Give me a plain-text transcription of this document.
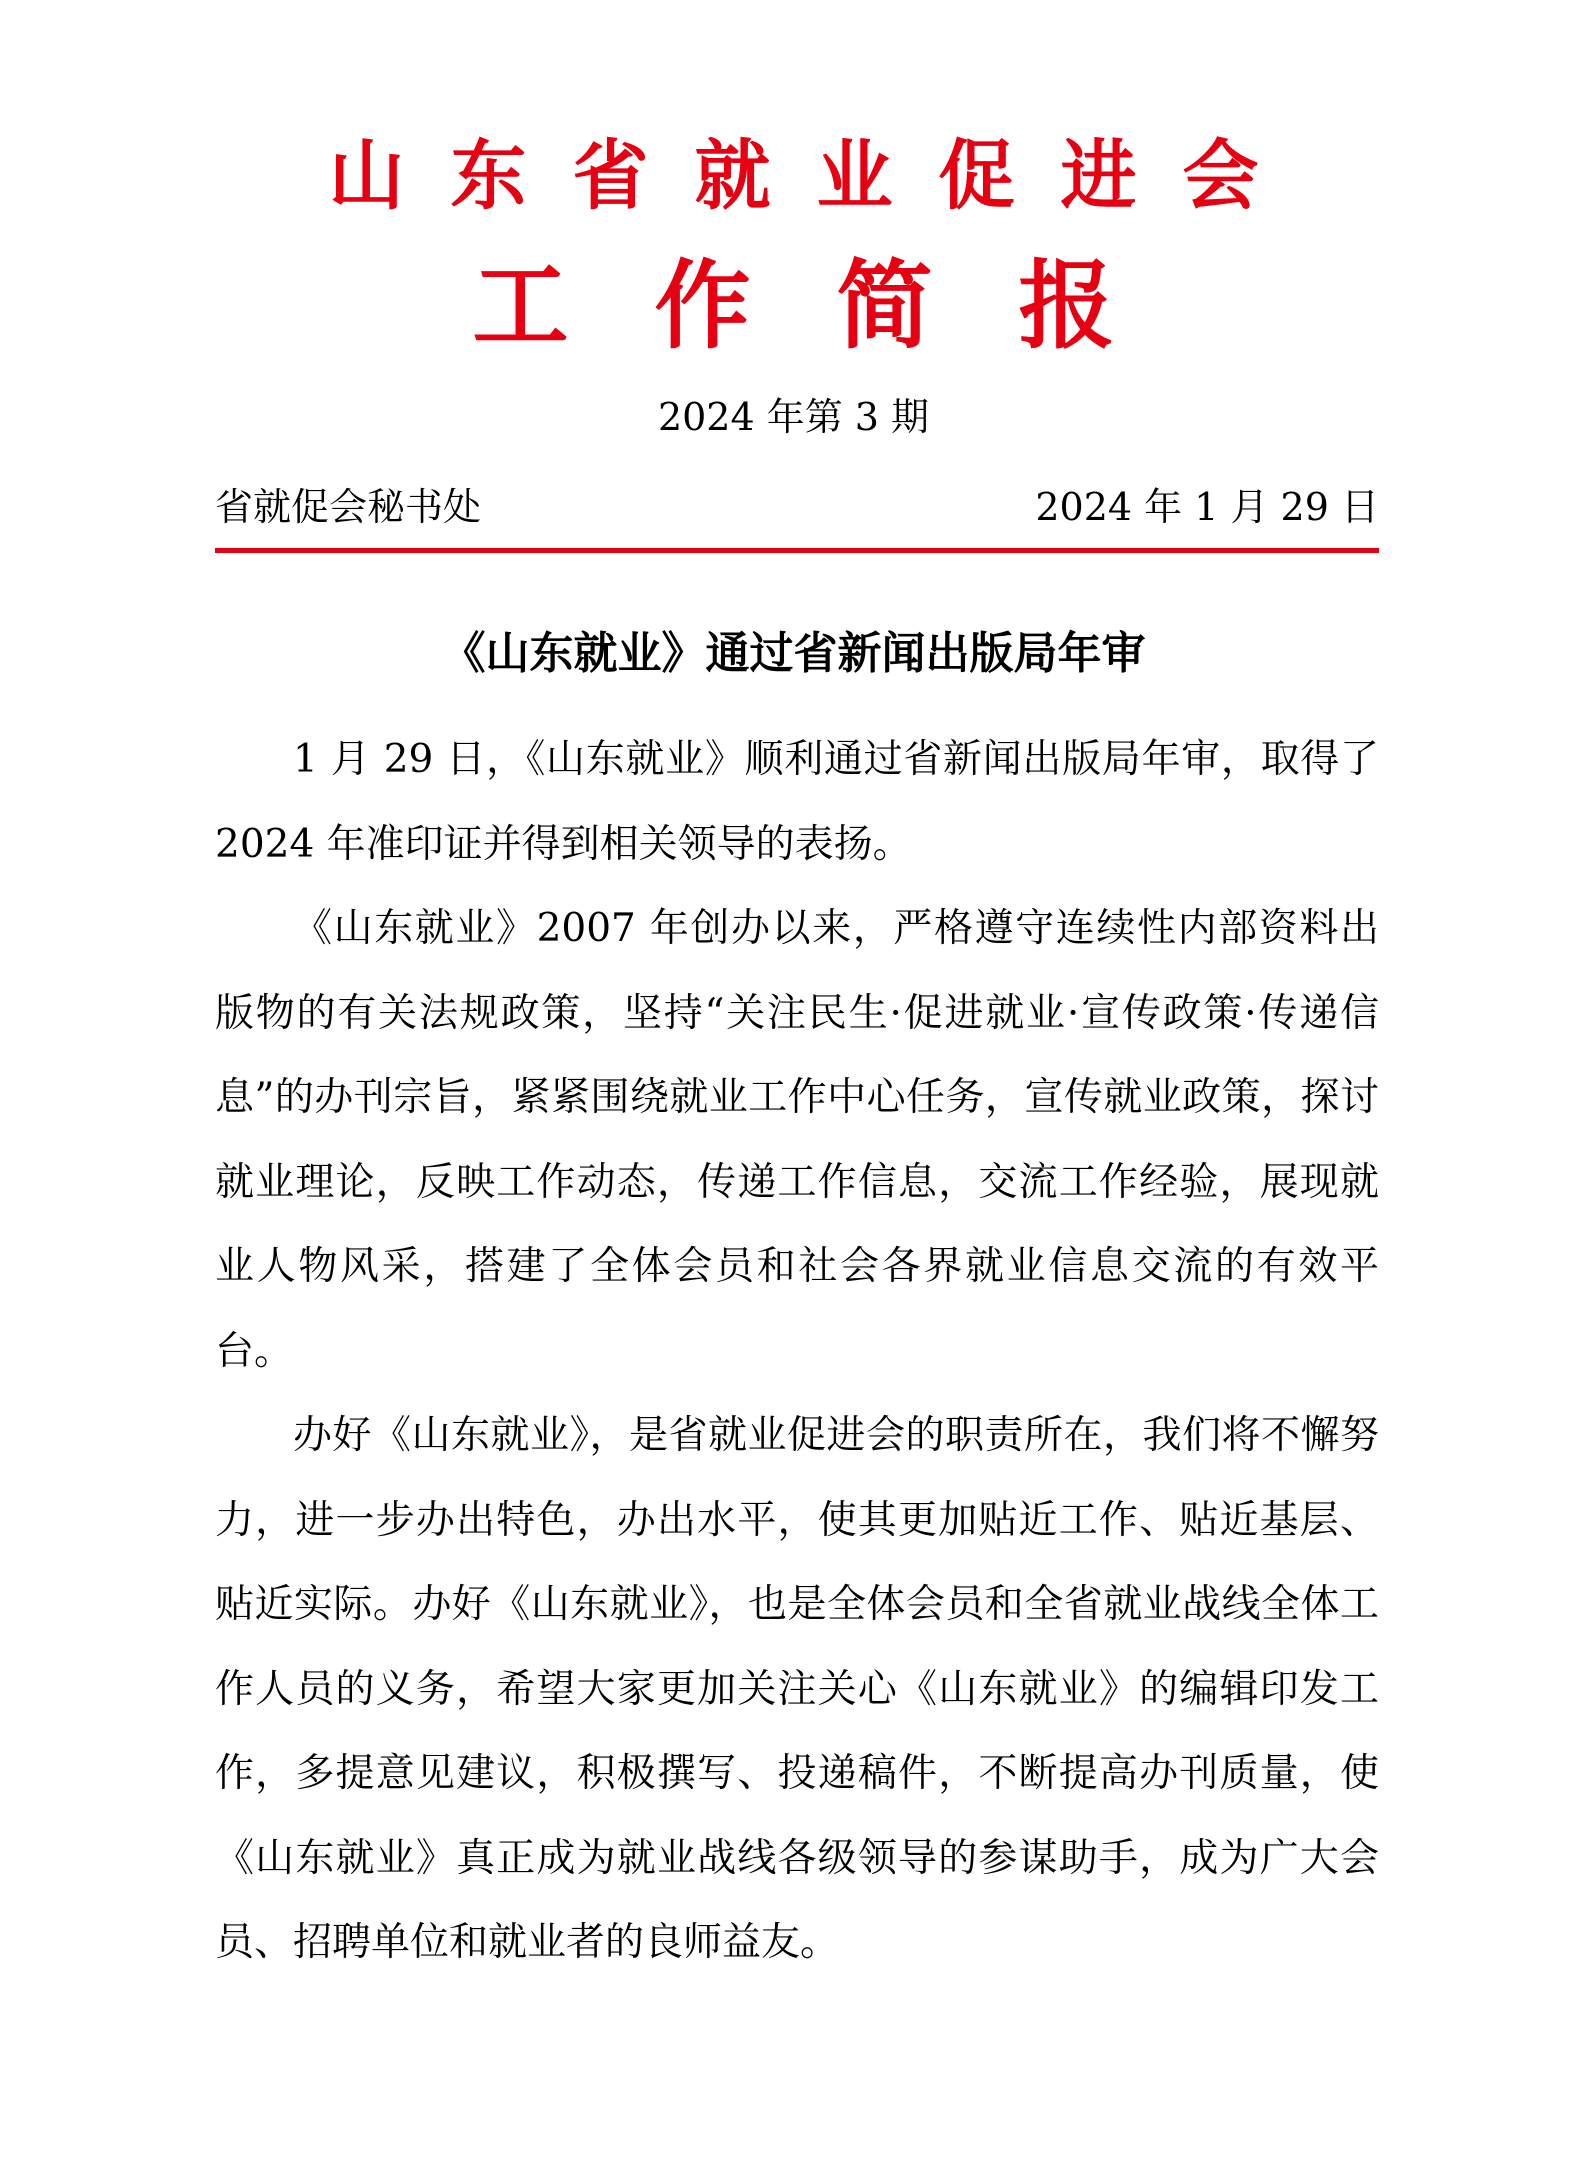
山东省就业促进会
工作简报
2024 年第 3 期
省就促会秘书处	2024 年 1 月 29 日
《山东就业》通过省新闻出版局年审

1 月 29 日，《山东就业》顺利通过省新闻出版局年审，取得了 2024 年准印证并得到相关领导的表扬。

《山东就业》2007 年创办以来，严格遵守连续性内部资料出版物的有关法规政策，坚持“关注民生·促进就业·宣传政策·传递信息”的办刊宗旨，紧紧围绕就业工作中心任务，宣传就业政策，探讨就业理论，反映工作动态，传递工作信息，交流工作经验，展现就业人物风采，搭建了全体会员和社会各界就业信息交流的有效平台。

办好《山东就业》，是省就业促进会的职责所在，我们将不懈努力，进一步办出特色，办出水平，使其更加贴近工作、贴近基层、贴近实际。办好《山东就业》，也是全体会员和全省就业战线全体工作人员的义务，希望大家更加关注关心《山东就业》的编辑印发工作，多提意见建议，积极撰写、投递稿件，不断提高办刊质量，使《山东就业》真正成为就业战线各级领导的参谋助手，成为广大会员、招聘单位和就业者的良师益友。
